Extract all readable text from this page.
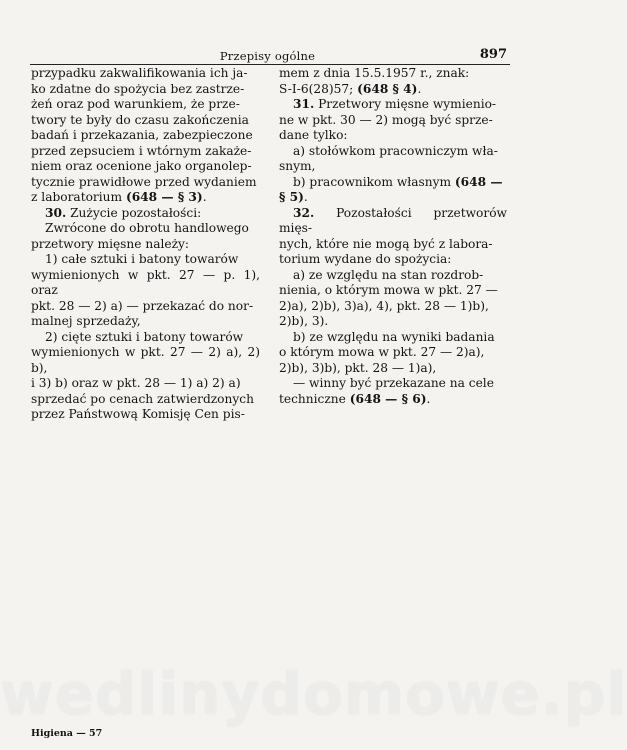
Przepisy ogólne	897

przypadku zakwalifikowania ich ja-

ko zdatne do spożycia bez zastrze-

żeń oraz pod warunkiem, że prze-

twory te były do czasu zakończenia

badań i przekazania, zabezpieczone

przed zepsuciem i wtórnym zakaże-

niem oraz ocenione jako organolep-

tycznie prawidłowe przed wydaniem

z laboratorium (648 — § 3).

30. Zużycie pozostałości:

Zwrócone do obrotu handlowego

przetwory mięsne należy:

1) całe sztuki i batony towarów

wymienionych w pkt. 27 — p. 1), oraz

pkt. 28 — 2) a) — przekazać do nor-

malnej sprzedaży,

2) cięte sztuki i batony towarów

wymienionych w pkt. 27 — 2) a), 2) b),

i 3) b) oraz w pkt. 28 — 1) a) 2) a)

sprzedać po cenach zatwierdzonych

przez Państwową Komisję Cen pis-

mem z dnia 15.5.1957 r., znak:

S-I-6(28)57; (648 § 4).

31. Przetwory mięsne wymienio-

ne w pkt. 30 — 2) mogą być sprze-

dane tylko:

a) stołówkom pracowniczym wła-

snym,

b) pracownikom własnym (648 —

§ 5).

32. Pozostałości przetworów mięs-

nych, które nie mogą być z labora-

torium wydane do spożycia:

a) ze względu na stan rozdrob-

nienia, o którym mowa w pkt. 27 —

2)a), 2)b), 3)a), 4), pkt. 28 — 1)b),

2)b), 3).

b) ze względu na wyniki badania

o którym mowa w pkt. 27 — 2)a),

2)b), 3)b), pkt. 28 — 1)a),

— winny być przekazane na cele

techniczne (648 — § 6).

Higiena — 57
wedlinydomowe.pl
